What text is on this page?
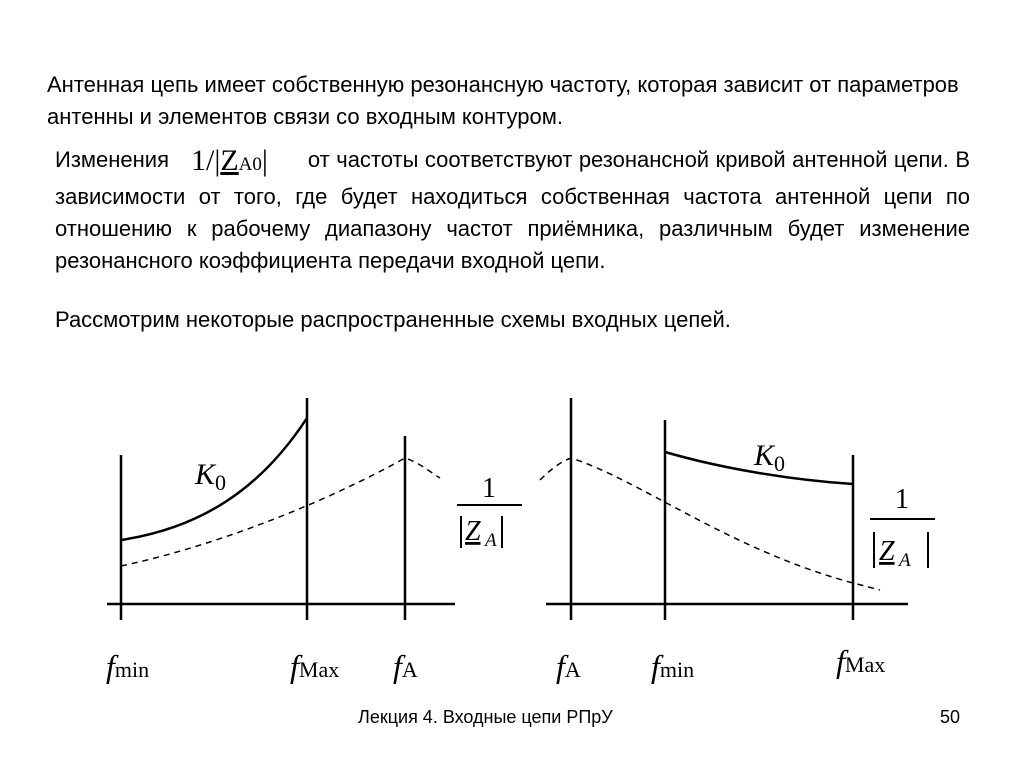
Антенная цепь имеет собственную резонансную частоту, которая зависит от параметров антенны и элементов связи со входным контуром.

Изменения 1/|ZA0| от частоты соответствуют резонансной кривой антенной цепи. В зависимости от того, где будет находиться собственная частота антенной цепи по отношению к рабочему диапазону частот приёмника, различным будет изменение резонансного коэффициента передачи входной цепи.

Рассмотрим некоторые распространенные схемы входных цепей.

$K_0$	1
Z A
fmin	fMax fA
$K_0$
1
Z A
fA fmin	fMax
Лекция 4. Входные цепи РПрУ	50
